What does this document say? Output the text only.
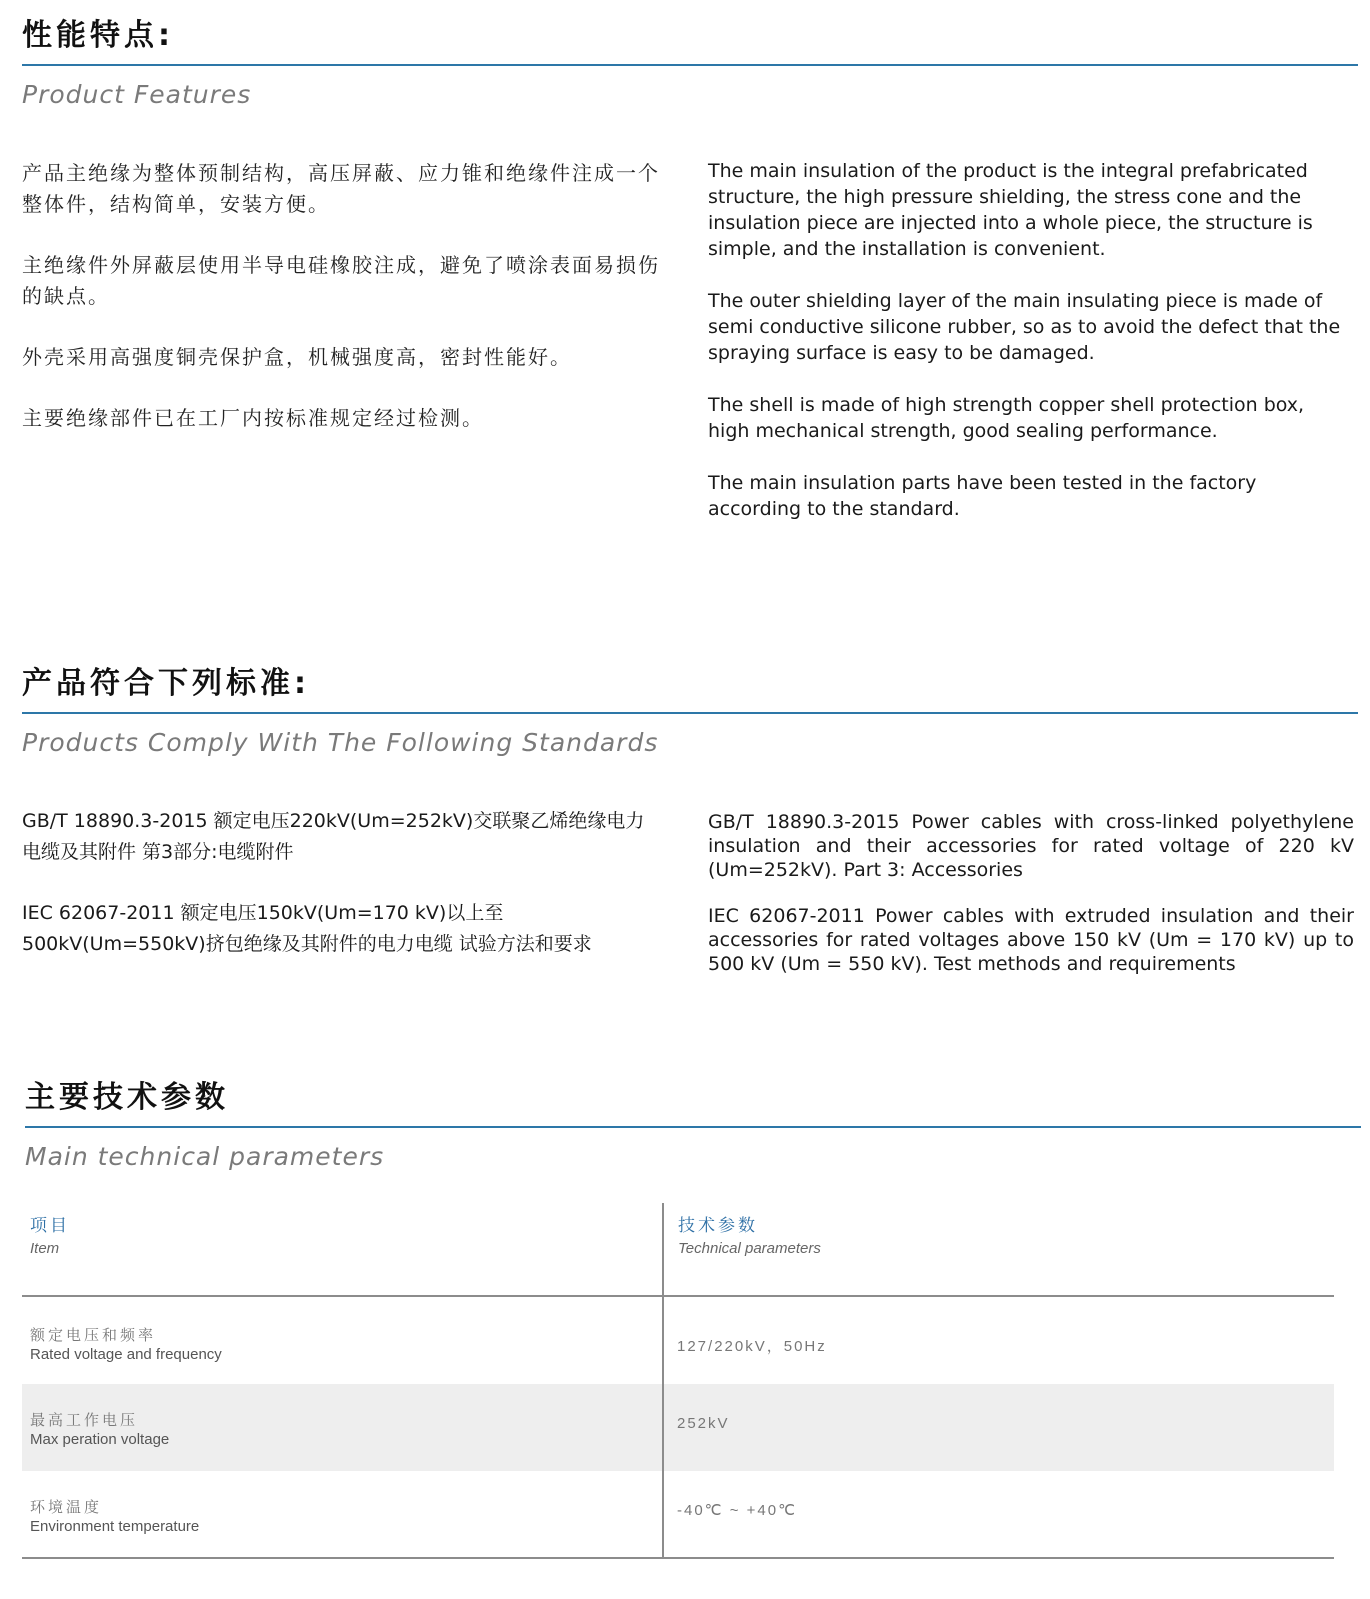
性能特点:
Product Features

产品主绝缘为整体预制结构，高压屏蔽、应力锥和绝缘件注成一个整体件，结构简单，安装方便。

主绝缘件外屏蔽层使用半导电硅橡胶注成，避免了喷涂表面易损伤的缺点。

外壳采用高强度铜壳保护盒，机械强度高，密封性能好。

主要绝缘部件已在工厂内按标准规定经过检测。

The main insulation of the product is the integral prefabricated structure, the high pressure shielding, the stress cone and the insulation piece are injected into a whole piece, the structure is simple, and the installation is convenient.

The outer shielding layer of the main insulating piece is made of semi conductive silicone rubber, so as to avoid the defect that the spraying surface is easy to be damaged.

The shell is made of high strength copper shell protection box, high mechanical strength, good sealing performance.

The main insulation parts have been tested in the factory according to the standard.

产品符合下列标准:
Products Comply With The Following Standards

GB/T 18890.3-2015 额定电压220kV(Um=252kV)交联聚乙烯绝缘电力电缆及其附件 第3部分:电缆附件

IEC 62067-2011 额定电压150kV(Um=170 kV)以上至500kV(Um=550kV)挤包绝缘及其附件的电力电缆 试验方法和要求

GB/T 18890.3-2015 Power cables with cross-linked polyethylene insulation and their accessories for rated voltage of 220 kV (Um=252kV). Part 3: Accessories

IEC 62067-2011 Power cables with extruded insulation and their accessories for rated voltages above 150 kV (Um = 170 kV) up to 500 kV (Um = 550 kV). Test methods and requirements

主要技术参数
Main technical parameters
项目
Item
技术参数
Technical parameters
额定电压和频率
Rated voltage and frequency	127/220kV，50Hz
最高工作电压
Max peration voltage
252kV
环境温度
Environment temperature
-40℃ ~ +40℃
